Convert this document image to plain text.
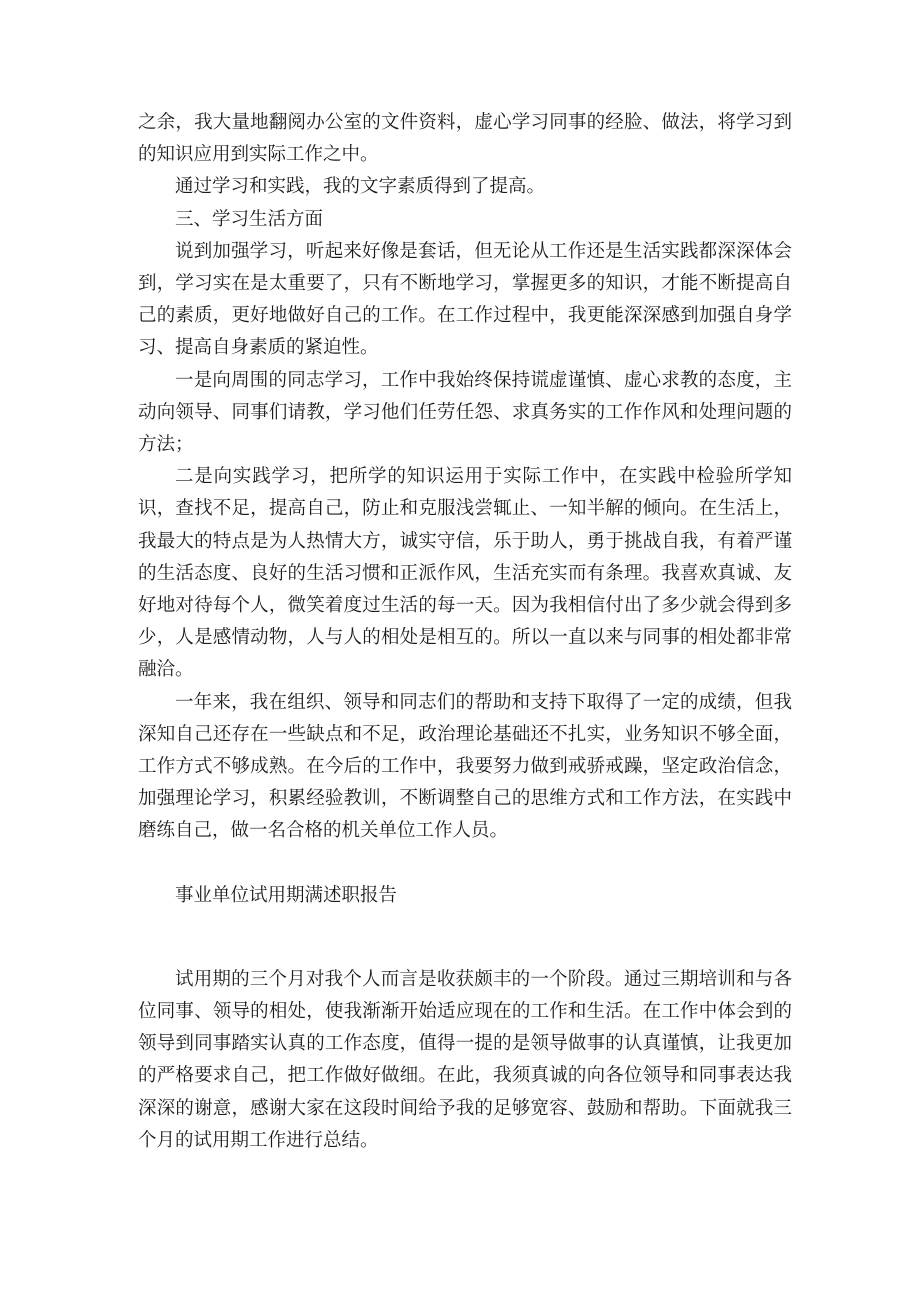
之余，我大量地翻阅办公室的文件资料，虚心学习同事的经脸、做法，将学习到的知识应用到实际工作之中。

通过学习和实践，我的文字素质得到了提高。

三、学习生活方面

说到加强学习，听起来好像是套话，但无论从工作还是生活实践都深深体会到，学习实在是太重要了，只有不断地学习，掌握更多的知识，才能不断提高自己的素质，更好地做好自己的工作。在工作过程中，我更能深深感到加强自身学习、提高自身素质的紧迫性。

一是向周围的同志学习，工作中我始终保持谎虚谨慎、虚心求教的态度，主动向领导、同事们请教，学习他们任劳任怨、求真务实的工作作风和处理问题的方法；

二是向实践学习，把所学的知识运用于实际工作中，在实践中检验所学知识，查找不足，提高自己，防止和克服浅尝辄止、一知半解的倾向。在生活上，我最大的特点是为人热情大方，诚实守信，乐于助人，勇于挑战自我，有着严谨的生活态度、良好的生活习惯和正派作风，生活充实而有条理。我喜欢真诚、友好地对待每个人，微笑着度过生活的每一天。因为我相信付出了多少就会得到多少，人是感情动物，人与人的相处是相互的。所以一直以来与同事的相处都非常融洽。

一年来，我在组织、领导和同志们的帮助和支持下取得了一定的成绩，但我深知自己还存在一些缺点和不足，政治理论基础还不扎实，业务知识不够全面，工作方式不够成熟。在今后的工作中，我要努力做到戒骄戒躁，坚定政治信念，加强理论学习，积累经验教训，不断调整自己的思维方式和工作方法，在实践中磨练自己，做一名合格的机关单位工作人员。

事业单位试用期满述职报告

试用期的三个月对我个人而言是收获颇丰的一个阶段。通过三期培训和与各位同事、领导的相处，使我渐渐开始适应现在的工作和生活。在工作中体会到的领导到同事踏实认真的工作态度，值得一提的是领导做事的认真谨慎，让我更加的严格要求自己，把工作做好做细。在此，我须真诚的向各位领导和同事表达我深深的谢意，感谢大家在这段时间给予我的足够宽容、鼓励和帮助。下面就我三个月的试用期工作进行总结。
